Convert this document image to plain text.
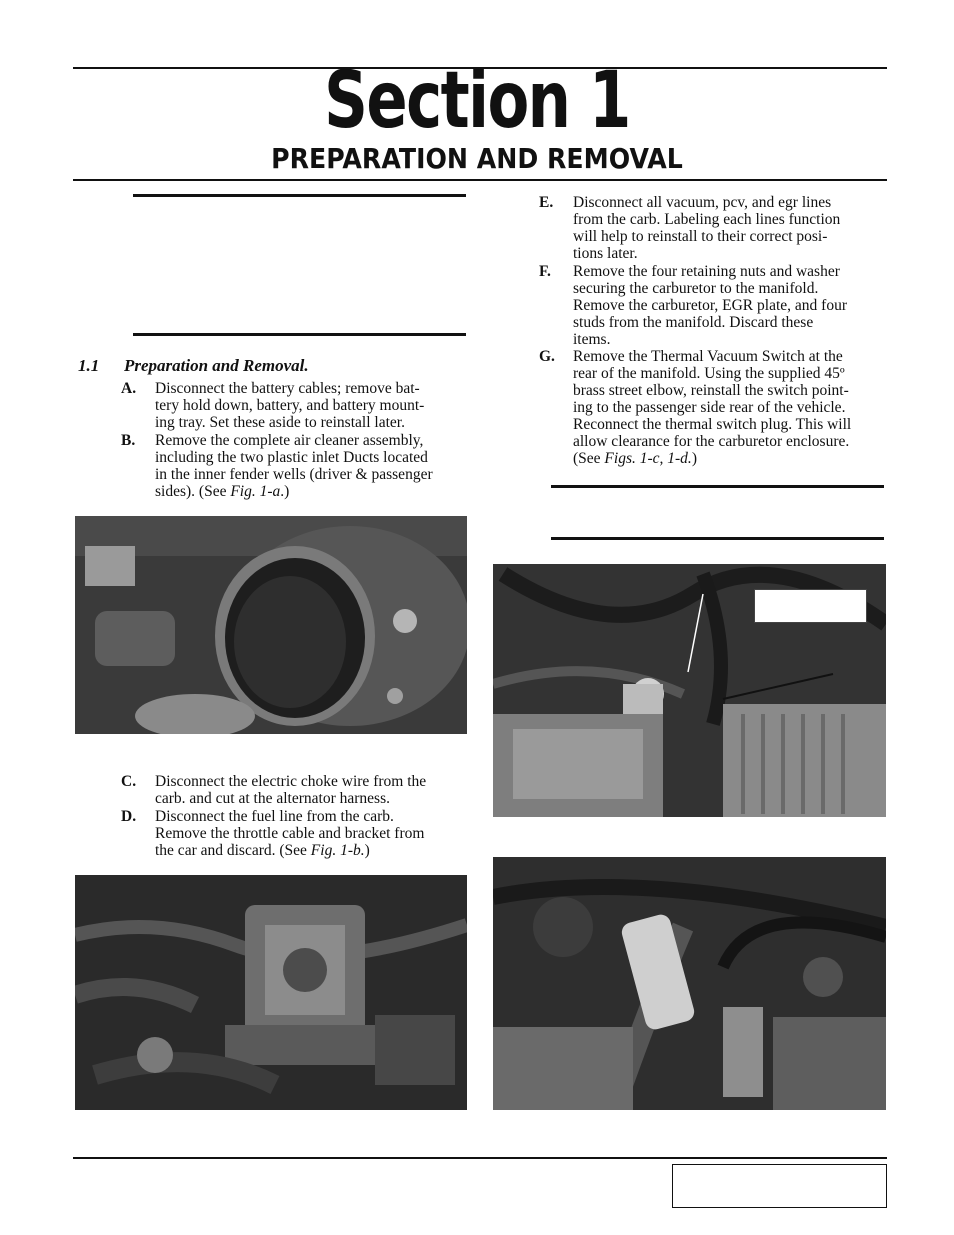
Section 1
PREPARATION AND REMOVAL
1.1 Preparation and Removal.
A. Disconnect the battery cables; remove bat-
tery hold down, battery, and battery mount-
ing tray. Set these aside to reinstall later.
B. Remove the complete air cleaner assembly,
including the two plastic inlet Ducts located
in the inner fender wells (driver & passenger
sides). (See Fig. 1-a.)
C. Disconnect the electric choke wire from the
carb. and cut at the alternator harness.
D. Disconnect the fuel line from the carb.
Remove the throttle cable and bracket from
the car and discard. (See Fig. 1-b.)
E. Disconnect all vacuum, pcv, and egr lines
from the carb. Labeling each lines function
will help to reinstall to their correct posi-
tions later.
F. Remove the four retaining nuts and washer
securing the carburetor to the manifold.
Remove the carburetor, EGR plate, and four
studs from the manifold. Discard these
items.
G. Remove the Thermal Vacuum Switch at the
rear of the manifold. Using the supplied 45º
brass street elbow, reinstall the switch point-
ing to the passenger side rear of the vehicle.
Reconnect the thermal switch plug. This will
allow clearance for the carburetor enclosure.
(See Figs. 1-c, 1-d.)
